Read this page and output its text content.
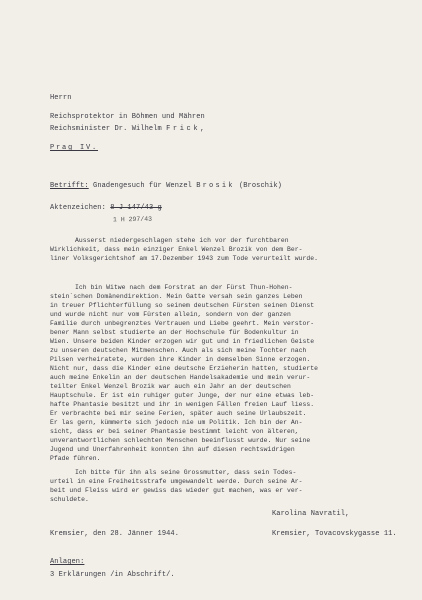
Herrn
Reichsprotektor in Böhmen und Mähren
Reichsminister Dr. Wilhelm Frick,
Prag IV.
Betrifft: Gnadengesuch für Wenzel Brosik (Broschik)
Aktenzeichen: 8 J 147/43 g
1 H 297/43
Ausserst niedergeschlagen stehe ich vor der furchtbaren
Wirklichkeit, dass mein einziger Enkel Wenzel Brozik von dem Ber-
liner Volksgerichtshof am 17.Dezember 1943 zum Tode verurteilt wurde.
Ich bin Witwe nach dem Forstrat an der Fürst Thun-Hohen-
stein´schen Domänendirektion. Mein Gatte versah sein ganzes Leben
in treuer Pflichterfüllung so seinem deutschen Fürsten seinen Dienst
und wurde nicht nur vom Fürsten allein, sondern von der ganzen
Familie durch unbegrenztes Vertrauen und Liebe geehrt. Mein verstor-
bener Mann selbst studierte an der Hochschule für Bodenkultur in
Wien. Unsere beiden Kinder erzogen wir gut und in friedlichen Geiste
zu unseren deutschen Mitmenschen. Auch als sich meine Tochter nach
Pilsen verheiratete, wurden ihre Kinder in demselben Sinne erzogen.
Nicht nur, dass die Kinder eine deutsche Erzieherin hatten, studierte
auch meine Enkelin an der deutschen Handelsakademie und mein verur-
teilter Enkel Wenzel Brozik war auch ein Jahr an der deutschen
Hauptschule. Er ist ein ruhiger guter Junge, der nur eine etwas leb-
hafte Phantasie besitzt und ihr in wenigen Fällen freien Lauf liess.
Er verbrachte bei mir seine Ferien, später auch seine Urlaubszeit.
Er las gern, kümmerte sich jedoch nie um Politik. Ich bin der An-
sicht, dass er bei seiner Phantasie bestimmt leicht von älteren,
unverantwortlichen schlechten Menschen beeinflusst wurde. Nur seine
Jugend und Unerfahrenheit konnten ihn auf diesen rechtswidrigen
Pfade führen.
Ich bitte für ihn als seine Grossmutter, dass sein Todes-
urteil in eine Freiheitsstrafe umgewandelt werde. Durch seine Ar-
beit und Fleiss wird er gewiss das wieder gut machen, was er ver-
schuldete.
Karolina Navratil,
Kremsier, den 28. Jänner 1944.	Kremsier, Tovacovskygasse 11.
Anlagen:
3 Erklärungen /in Abschrift/.
